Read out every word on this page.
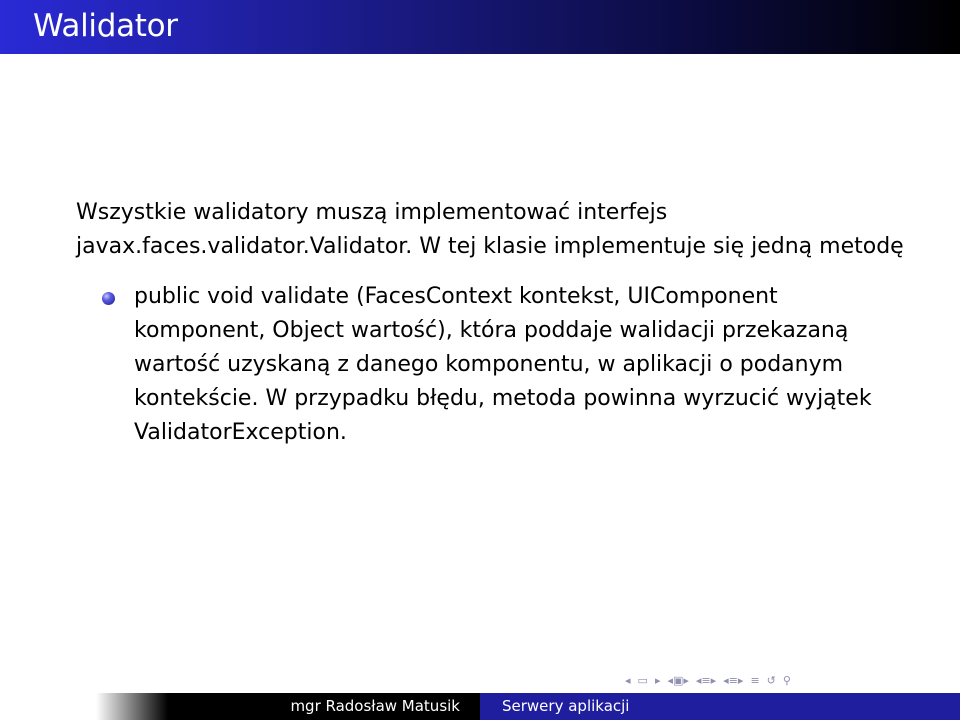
Walidator

Wszystkie walidatory muszą implementować interfejs javax.faces.validator.Validator. W tej klasie implementuje się jedną metodę

public void validate (FacesContext kontekst, UIComponent komponent, Object wartość), która poddaje walidacji przekazaną wartość uzyskaną z danego komponentu, w aplikacji o podanym kontekście. W przypadku błędu, metoda powinna wyrzucić wyjątek ValidatorException.
◂ ▭ ▸ ◂▣▸ ◂≡▸ ◂≡▸ ≡ ↺ ⚲
mgr Radosław Matusik	Serwery aplikacji
